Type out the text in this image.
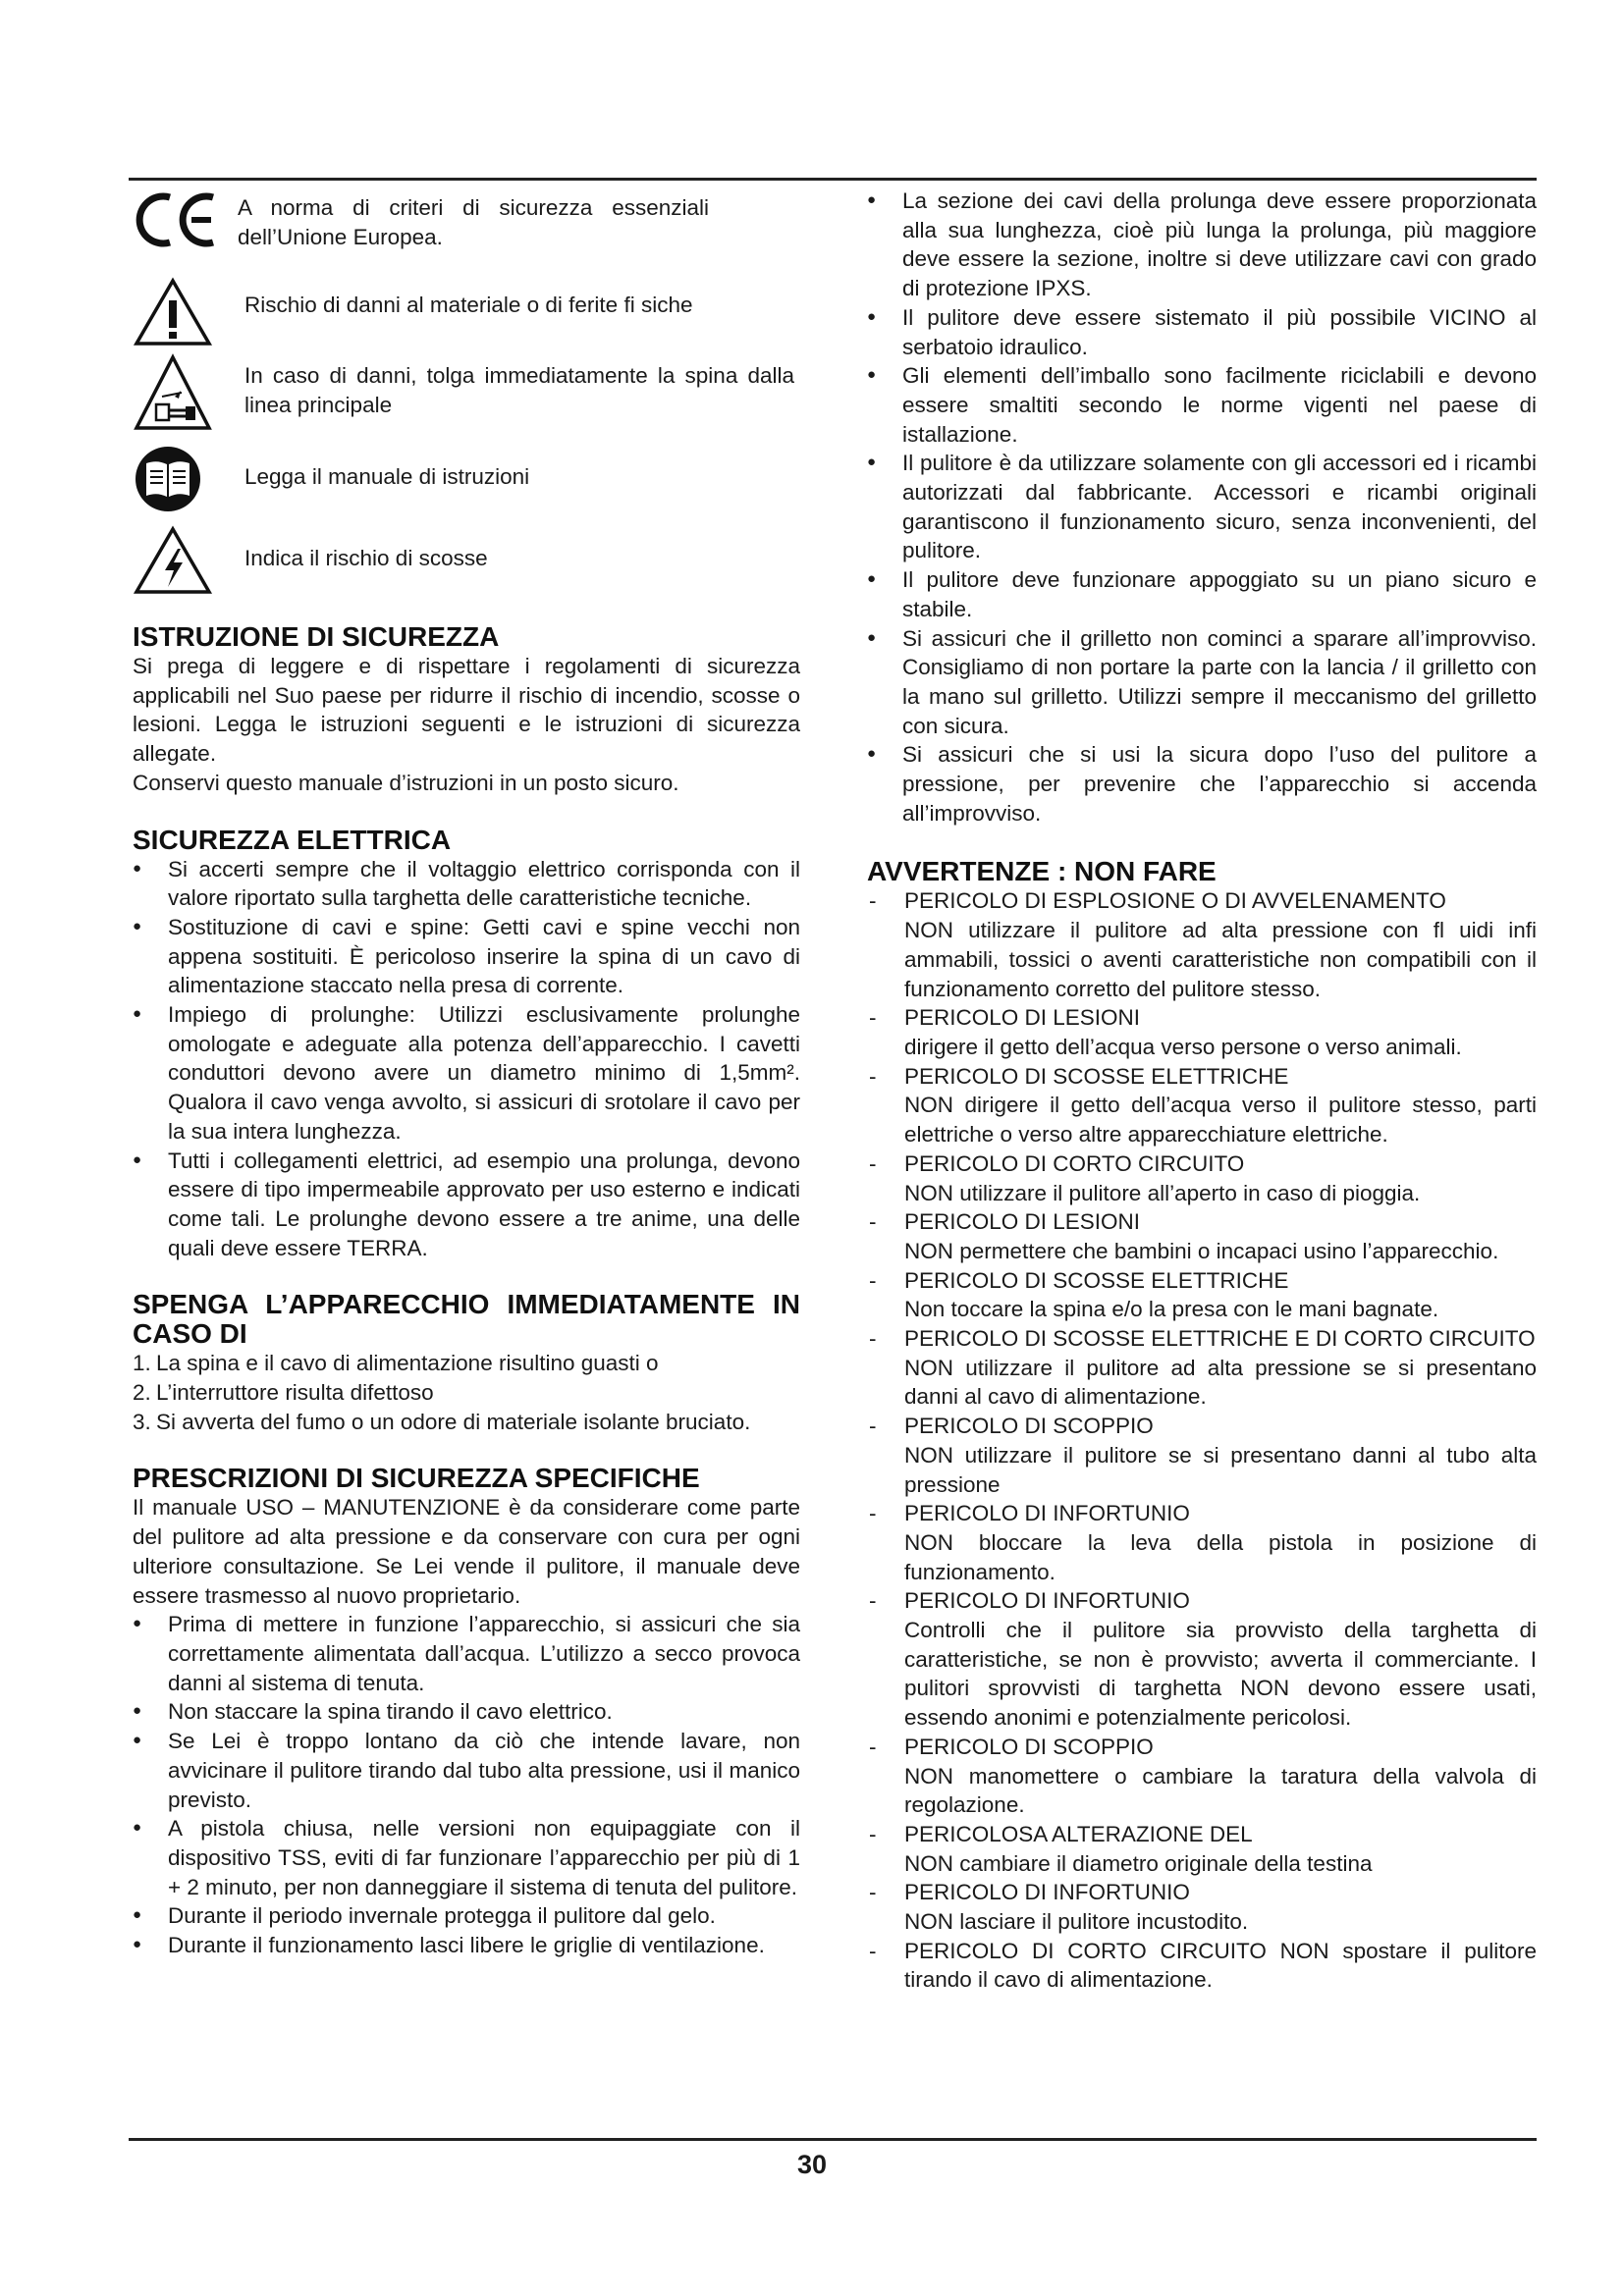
A norma di criteri di sicurezza essenziali dell’Unione Europea.
Rischio di danni al materiale o di ferite fi siche
In caso di danni, tolga immediatamente la spina dalla linea principale
Legga il manuale di istruzioni
Indica il rischio di scosse
ISTRUZIONE DI SICUREZZA

Si prega di leggere e di rispettare i regolamenti di sicurezza applicabili nel Suo paese per ridurre il rischio di incendio, scosse o lesioni. Legga le istruzioni seguenti e le istruzioni di sicurezza allegate.

Conservi questo manuale d’istruzioni in un posto sicuro.

SICUREZZA ELETTRICA
● Si accerti sempre che il voltaggio elettrico corrisponda con il valore riportato sulla targhetta delle caratteristiche tecniche.
● Sostituzione di cavi e spine: Getti cavi e spine vecchi non appena sostituiti. È pericoloso inserire la spina di un cavo di alimentazione staccato nella presa di corrente.
● Impiego di prolunghe: Utilizzi esclusivamente prolunghe omologate e adeguate alla potenza dell’apparecchio. I cavetti conduttori devono avere un diametro minimo di 1,5mm². Qualora il cavo venga avvolto, si assicuri di srotolare il cavo per la sua intera lunghezza.
● Tutti i collegamenti elettrici, ad esempio una prolunga, devono essere di tipo impermeabile approvato per uso esterno e indicati come tali. Le prolunghe devono essere a tre anime, una delle quali deve essere TERRA.
SPENGA L’APPARECCHIO IMMEDIATAMENTE IN CASO DI
1. La spina e il cavo di alimentazione risultino guasti o
2. L’interruttore risulta difettoso
3. Si avverta del fumo o un odore di materiale isolante bruciato.
PRESCRIZIONI DI SICUREZZA SPECIFICHE

Il manuale USO – MANUTENZIONE è da considerare come parte del pulitore ad alta pressione e da conservare con cura per ogni ulteriore consultazione. Se Lei vende il pulitore, il manuale deve essere trasmesso al nuovo proprietario.

● Prima di mettere in funzione l’apparecchio, si assicuri che sia correttamente alimentata dall’acqua. L’utilizzo a secco provoca danni al sistema di tenuta.
● Non staccare la spina tirando il cavo elettrico.
● Se Lei è troppo lontano da ciò che intende lavare, non avvicinare il pulitore tirando dal tubo alta pressione, usi il manico previsto.
● A pistola chiusa, nelle versioni non equipaggiate con il dispositivo TSS, eviti di far funzionare l’apparecchio per più di 1 + 2 minuto, per non danneggiare il sistema di tenuta del pulitore.
● Durante il periodo invernale protegga il pulitore dal gelo.
● Durante il funzionamento lasci libere le griglie di ventilazione.
● La sezione dei cavi della prolunga deve essere proporzionata alla sua lunghezza, cioè più lunga la prolunga, più maggiore deve essere la sezione, inoltre si deve utilizzare cavi con grado di protezione IPXS.
● Il pulitore deve essere sistemato il più possibile VICINO al serbatoio idraulico.
● Gli elementi dell’imballo sono facilmente riciclabili e devono essere smaltiti secondo le norme vigenti nel paese di istallazione.
● Il pulitore è da utilizzare solamente con gli accessori ed i ricambi autorizzati dal fabbricante. Accessori e ricambi originali garantiscono il funzionamento sicuro, senza inconvenienti, del pulitore.
● Il pulitore deve funzionare appoggiato su un piano sicuro e stabile.
● Si assicuri che il grilletto non cominci a sparare all’improvviso. Consigliamo di non portare la parte con la lancia / il grilletto con la mano sul grilletto. Utilizzi sempre il meccanismo del grilletto con sicura.
● Si assicuri che si usi la sicura dopo l’uso del pulitore a pressione, per prevenire che l’apparecchio si accenda all’improvviso.
AVVERTENZE : NON FARE
- PERICOLO DI ESPLOSIONE O DI AVVELENAMENTO
NON utilizzare il pulitore ad alta pressione con fl uidi infi ammabili, tossici o aventi caratteristiche non compatibili con il funzionamento corretto del pulitore stesso.
- PERICOLO DI LESIONI
dirigere il getto dell’acqua verso persone o verso animali.
- PERICOLO DI SCOSSE ELETTRICHE
NON dirigere il getto dell’acqua verso il pulitore stesso, parti elettriche o verso altre apparecchiature elettriche.
- PERICOLO DI CORTO CIRCUITO
NON utilizzare il pulitore all’aperto in caso di pioggia.
- PERICOLO DI LESIONI
NON permettere che bambini o incapaci usino l’apparecchio.
- PERICOLO DI SCOSSE ELETTRICHE
Non toccare la spina e/o la presa con le mani bagnate.
- PERICOLO DI SCOSSE ELETTRICHE E DI CORTO CIRCUITO
NON utilizzare il pulitore ad alta pressione se si presentano danni al cavo di alimentazione.
- PERICOLO DI SCOPPIO
NON utilizzare il pulitore se si presentano danni al tubo alta pressione
- PERICOLO DI INFORTUNIO
NON bloccare la leva della pistola in posizione di funzionamento.
- PERICOLO DI INFORTUNIO
Controlli che il pulitore sia provvisto della targhetta di caratteristiche, se non è provvisto; avverta il commerciante. I pulitori sprovvisti di targhetta NON devono essere usati, essendo anonimi e potenzialmente pericolosi.
- PERICOLO DI SCOPPIO
NON manomettere o cambiare la taratura della valvola di regolazione.
- PERICOLOSA ALTERAZIONE DEL
NON cambiare il diametro originale della testina
- PERICOLO DI INFORTUNIO
NON lasciare il pulitore incustodito.
- PERICOLO DI CORTO CIRCUITO NON spostare il pulitore tirando il cavo di alimentazione.
30
